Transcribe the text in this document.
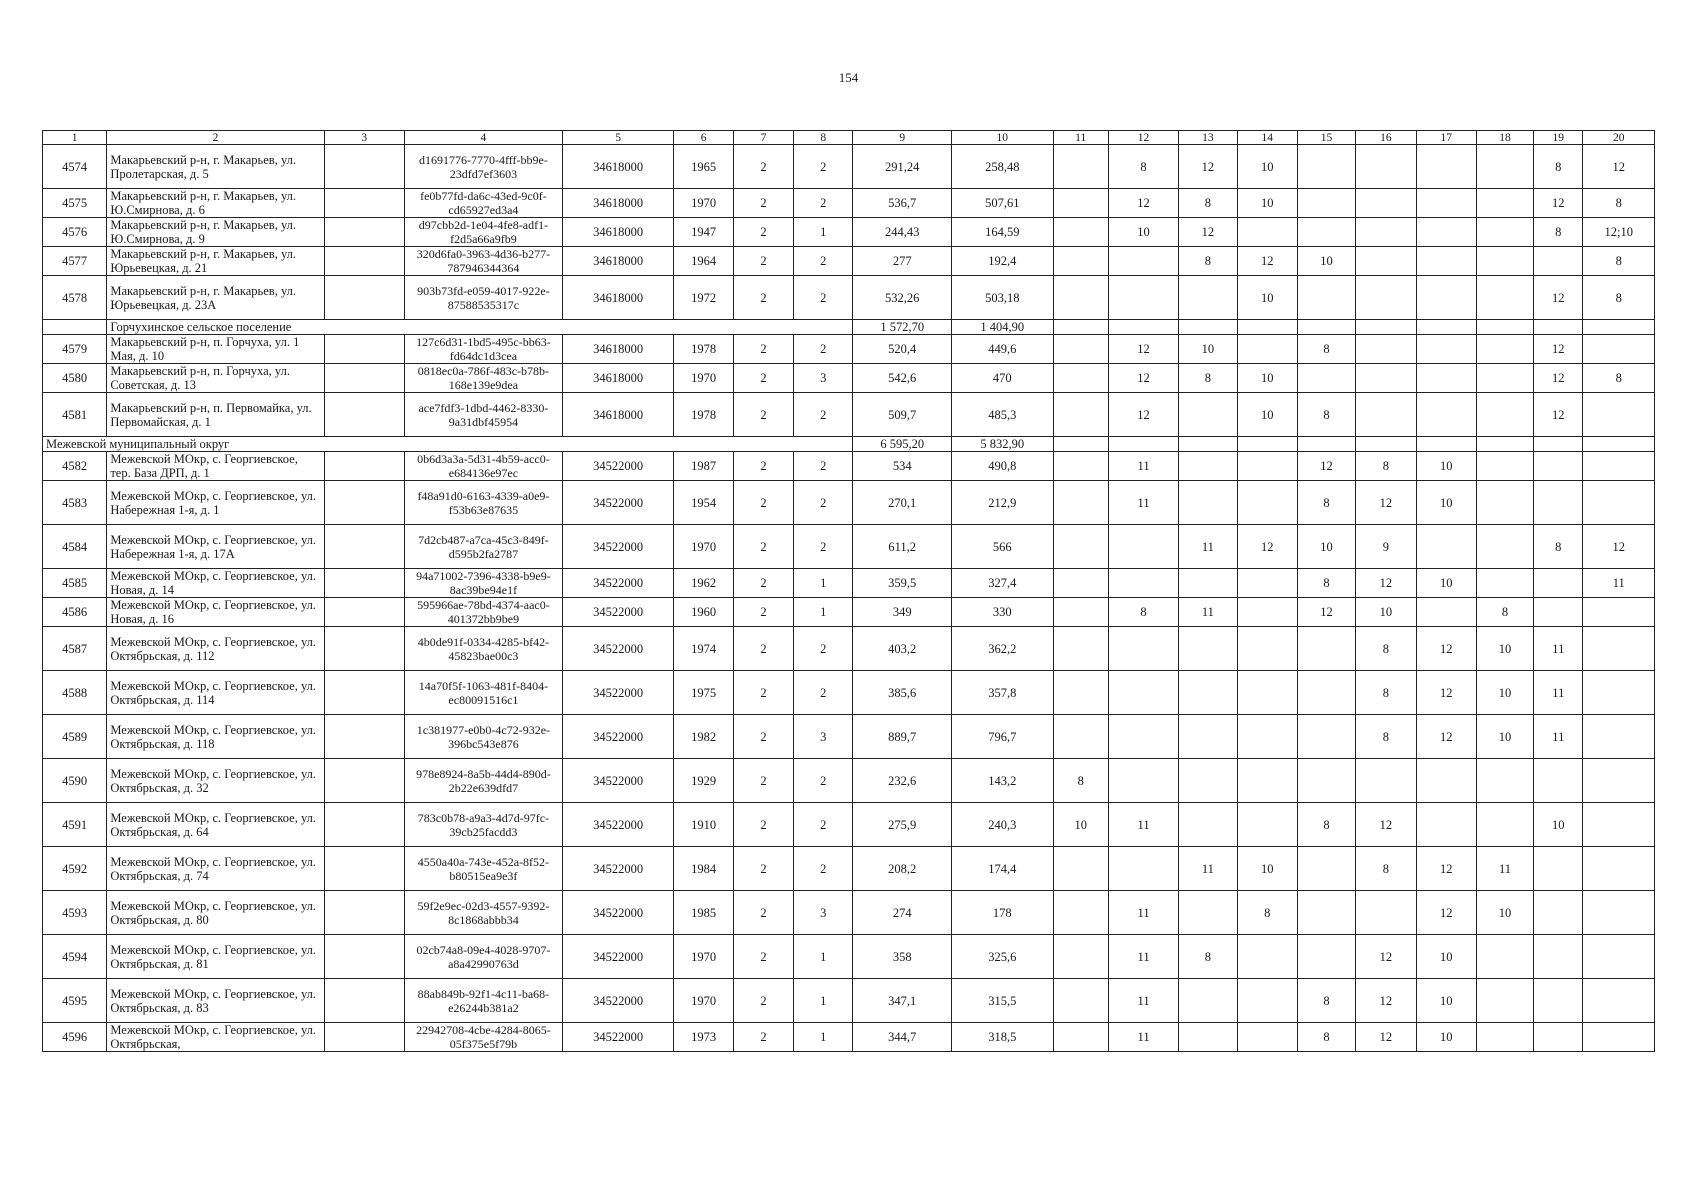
154
1	2	3	4	5	6	7	8	9	10	11	12	13	14	15	16	17	18	19	20
4574	Макарьевский р-н, г. Макарьев, ул. Пролетарская, д. 5		d1691776-7770-4fff-bb9e-23dfd7ef3603	34618000	1965	2	2	291,24	258,48		8	12	10					8	12
4575	Макарьевский р-н, г. Макарьев, ул. Ю.Смирнова, д. 6		fe0b77fd-da6c-43ed-9c0f-cd65927ed3a4	34618000	1970	2	2	536,7	507,61		12	8	10					12	8
4576	Макарьевский р-н, г. Макарьев, ул. Ю.Смирнова, д. 9		d97cbb2d-1e04-4fe8-adf1-f2d5a66a9fb9	34618000	1947	2	1	244,43	164,59		10	12						8	12;10
4577	Макарьевский р-н, г. Макарьев, ул. Юрьевецкая, д. 21		320d6fa0-3963-4d36-b277-787946344364	34618000	1964	2	2	277	192,4			8	12	10					8
4578	Макарьевский р-н, г. Макарьев, ул. Юрьевецкая, д. 23А		903b73fd-e059-4017-922e-87588535317c	34618000	1972	2	2	532,26	503,18				10					12	8
	Горчухинское сельское поселение							1 572,70	1 404,90										
4579	Макарьевский р-н, п. Горчуха, ул. 1 Мая, д. 10		127c6d31-1bd5-495c-bb63-fd64dc1d3cea	34618000	1978	2	2	520,4	449,6		12	10		8				12	
4580	Макарьевский р-н, п. Горчуха, ул. Советская, д. 13		0818ec0a-786f-483c-b78b-168e139e9dea	34618000	1970	2	3	542,6	470		12	8	10					12	8
4581	Макарьевский р-н, п. Первомайка, ул. Первомайская, д. 1		ace7fdf3-1dbd-4462-8330-9a31dbf45954	34618000	1978	2	2	509,7	485,3		12		10	8				12	
Межевской муниципальный округ								6 595,20	5 832,90										
4582	Межевской МОкр, с. Георгиевское, тер. База ДРП, д. 1		0b6d3a3a-5d31-4b59-acc0-e684136e97ec	34522000	1987	2	2	534	490,8		11			12	8	10			
4583	Межевской МОкр, с. Георгиевское, ул. Набережная 1-я, д. 1		f48a91d0-6163-4339-a0e9-f53b63e87635	34522000	1954	2	2	270,1	212,9		11			8	12	10			
4584	Межевской МОкр, с. Георгиевское, ул. Набережная 1-я, д. 17А		7d2cb487-a7ca-45c3-849f-d595b2fa2787	34522000	1970	2	2	611,2	566			11	12	10	9			8	12
4585	Межевской МОкр, с. Георгиевское, ул. Новая, д. 14		94a71002-7396-4338-b9e9-8ac39be94e1f	34522000	1962	2	1	359,5	327,4					8	12	10			11
4586	Межевской МОкр, с. Георгиевское, ул. Новая, д. 16		595966ae-78bd-4374-aac0-401372bb9be9	34522000	1960	2	1	349	330		8	11		12	10		8		
4587	Межевской МОкр, с. Георгиевское, ул. Октябрьская, д. 112		4b0de91f-0334-4285-bf42-45823bae00c3	34522000	1974	2	2	403,2	362,2						8	12	10	11	
4588	Межевской МОкр, с. Георгиевское, ул. Октябрьская, д. 114		14a70f5f-1063-481f-8404-ec80091516c1	34522000	1975	2	2	385,6	357,8						8	12	10	11	
4589	Межевской МОкр, с. Георгиевское, ул. Октябрьская, д. 118		1c381977-e0b0-4c72-932e-396bc543e876	34522000	1982	2	3	889,7	796,7						8	12	10	11	
4590	Межевской МОкр, с. Георгиевское, ул. Октябрьская, д. 32		978e8924-8a5b-44d4-890d-2b22e639dfd7	34522000	1929	2	2	232,6	143,2	8									
4591	Межевской МОкр, с. Георгиевское, ул. Октябрьская, д. 64		783c0b78-a9a3-4d7d-97fc-39cb25facdd3	34522000	1910	2	2	275,9	240,3	10	11			8	12			10	
4592	Межевской МОкр, с. Георгиевское, ул. Октябрьская, д. 74		4550a40a-743e-452a-8f52-b80515ea9e3f	34522000	1984	2	2	208,2	174,4			11	10		8	12	11		
4593	Межевской МОкр, с. Георгиевское, ул. Октябрьская, д. 80		59f2e9ec-02d3-4557-9392-8c1868abbb34	34522000	1985	2	3	274	178		11		8			12	10		
4594	Межевской МОкр, с. Георгиевское, ул. Октябрьская, д. 81		02cb74a8-09e4-4028-9707-a8a42990763d	34522000	1970	2	1	358	325,6		11	8			12	10			
4595	Межевской МОкр, с. Георгиевское, ул. Октябрьская, д. 83		88ab849b-92f1-4c11-ba68-e26244b381a2	34522000	1970	2	1	347,1	315,5		11			8	12	10			
4596	Межевской МОкр, с. Георгиевское, ул. Октябрьская,		22942708-4cbe-4284-8065-05f375e5f79b	34522000	1973	2	1	344,7	318,5		11			8	12	10			
